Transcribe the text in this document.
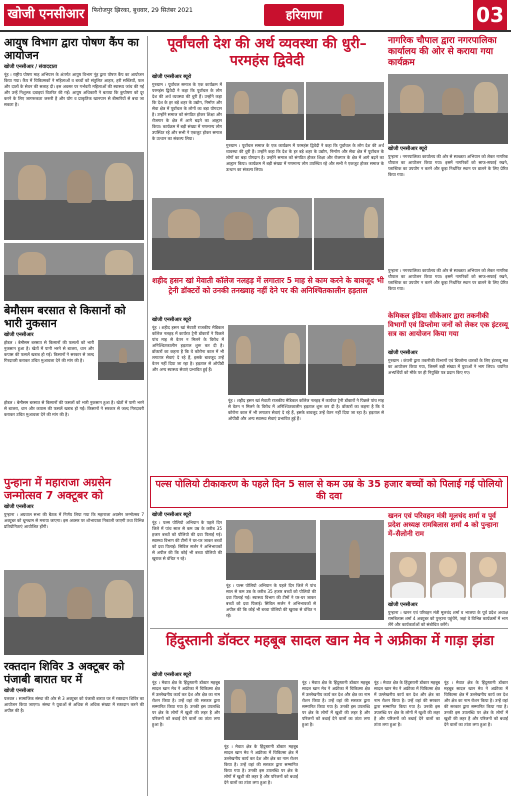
खोजी एनसीआर	फिरोजपुर झिरका, बुधवार, 29 सितंबर 2021	हरियाणा	03
आयुष विभाग द्वारा पोषण कैंप का आयोजन
खोजी एनसीआर / संवाददाता
नूंह । राष्ट्रीय पोषण माह अभियान के अंतर्गत आयुष विभाग नूंह द्वारा पोषण कैंप का आयोजन किया गया। कैंप में चिकित्सकों ने महिलाओं व बच्चों को संतुलित आहार, हरी सब्जियों, फल और दालों के सेवन की सलाह दी। इस अवसर पर गर्भवती महिलाओं की स्वास्थ्य जांच की गई और उन्हें निशुल्क दवाइयां वितरित की गईं। आयुष अधिकारी ने बताया कि कुपोषण को दूर करने के लिए जागरूकता जरूरी है और योग व प्राकृतिक खानपान से बीमारियों से बचा जा सकता है।
बेमौसम बरसात से किसानों को भारी नुकसान
खोजी एनसीआर
होडल । बेमौसम बरसात से किसानों की फसलों को भारी नुकसान हुआ है। खेतों में पानी भरने से बाजरा, धान और कपास की फसलें खराब हो गईं। किसानों ने सरकार से जल्द गिरदावरी कराकर उचित मुआवजा देने की मांग की है।
होडल । बेमौसम बरसात से किसानों की फसलों को भारी नुकसान हुआ है। खेतों में पानी भरने से बाजरा, धान और कपास की फसलें खराब हो गईं। किसानों ने सरकार से जल्द गिरदावरी कराकर उचित मुआवजा देने की मांग की है।
पुन्हाना में महाराजा अग्रसेन जन्मोत्सव 7 अक्टूबर को
खोजी एनसीआर
पुन्हाना । अग्रवाल सभा की बैठक में निर्णय लिया गया कि महाराजा अग्रसेन जन्मोत्सव 7 अक्टूबर को धूमधाम से मनाया जाएगा। इस अवसर पर शोभायात्रा निकाली जाएगी तथा विभिन्न प्रतियोगिताएं आयोजित होंगी।
रक्तदान शिविर 3 अक्टूबर को पंजाबी बारात घर में
खोजी एनसीआर
पलवल । सामाजिक संस्था की ओर से 3 अक्टूबर को पंजाबी बारात घर में रक्तदान शिविर का आयोजन किया जाएगा। संस्था ने युवाओं से अधिक से अधिक संख्या में रक्तदान करने की अपील की है।
पूर्वांचली देश की अर्थ व्यवस्था की धुरी–परमहंस द्विवेदी
खोजी एनसीआर ब्यूरो
गुरुग्राम । पूर्वांचल समाज के एक कार्यक्रम में परमहंस द्विवेदी ने कहा कि पूर्वांचल के लोग देश की अर्थ व्यवस्था की धुरी हैं। उन्होंने कहा कि देश के हर बड़े शहर के उद्योग, निर्माण और सेवा क्षेत्र में पूर्वांचल के लोगों का बड़ा योगदान है। उन्होंने समाज को संगठित होकर शिक्षा और रोजगार के क्षेत्र में आगे बढ़ने का आह्वान किया। कार्यक्रम में बड़ी संख्या में गणमान्य लोग उपस्थित रहे और सभी ने एकजुट होकर समाज के उत्थान का संकल्प लिया।
गुरुग्राम । पूर्वांचल समाज के एक कार्यक्रम में परमहंस द्विवेदी ने कहा कि पूर्वांचल के लोग देश की अर्थ व्यवस्था की धुरी हैं। उन्होंने कहा कि देश के हर बड़े शहर के उद्योग, निर्माण और सेवा क्षेत्र में पूर्वांचल के लोगों का बड़ा योगदान है। उन्होंने समाज को संगठित होकर शिक्षा और रोजगार के क्षेत्र में आगे बढ़ने का आह्वान किया। कार्यक्रम में बड़ी संख्या में गणमान्य लोग उपस्थित रहे और सभी ने एकजुट होकर समाज के उत्थान का संकल्प लिया।
नागरिक चौपाल द्वारा नगरपालिका कार्यालय की ओर से कराया गया कार्यक्रम
खोजी एनसीआर ब्यूरो
पुन्हाना । नगरपालिका कार्यालय की ओर से स्वच्छता अभियान को लेकर नागरिक चौपाल का आयोजन किया गया। इसमें नागरिकों को साफ-सफाई रखने, प्लास्टिक का उपयोग न करने और कूड़ा निर्धारित स्थान पर डालने के लिए प्रेरित किया गया।
शहीद हसन खां मेवाती कॉलेज नलहड़ में लगातार 5 माह से काम करने के बावजूद भी ट्रेनी डॉक्टरों को उनकी तनख्वाह नहीं देने पर की अनिश्चितकालीन हड़ताल
खोजी एनसीआर ब्यूरो
नूंह । शहीद हसन खां मेवाती राजकीय मेडिकल कॉलेज नलहड़ में कार्यरत ट्रेनी डॉक्टरों ने पिछले पांच माह से वेतन न मिलने के विरोध में अनिश्चितकालीन हड़ताल शुरू कर दी है। डॉक्टरों का कहना है कि वे कोरोना काल में भी लगातार सेवाएं दे रहे हैं, इसके बावजूद उन्हें वेतन नहीं दिया जा रहा है। हड़ताल से ओपीडी और अन्य स्वास्थ्य सेवाएं प्रभावित हुई हैं।
नूंह । शहीद हसन खां मेवाती राजकीय मेडिकल कॉलेज नलहड़ में कार्यरत ट्रेनी डॉक्टरों ने पिछले पांच माह से वेतन न मिलने के विरोध में अनिश्चितकालीन हड़ताल शुरू कर दी है। डॉक्टरों का कहना है कि वे कोरोना काल में भी लगातार सेवाएं दे रहे हैं, इसके बावजूद उन्हें वेतन नहीं दिया जा रहा है। हड़ताल से ओपीडी और अन्य स्वास्थ्य सेवाएं प्रभावित हुई हैं।
पुन्हाना । नगरपालिका कार्यालय की ओर से स्वच्छता अभियान को लेकर नागरिक चौपाल का आयोजन किया गया। इसमें नागरिकों को साफ-सफाई रखने, प्लास्टिक का उपयोग न करने और कूड़ा निर्धारित स्थान पर डालने के लिए प्रेरित किया गया।
केमिकल इंडिया सीकेआर द्वारा तकनीकी विभागों एवं डिप्लोमा जनों को लेकर एक इंटरव्यू सत्र का आयोजन किया गया
खोजी एनसीआर
गुरुग्राम । कंपनी द्वारा तकनीकी विभागों एवं डिप्लोमा धारकों के लिए इंटरव्यू सत्र का आयोजन किया गया, जिसमें बड़ी संख्या में युवाओं ने भाग लिया। चयनित अभ्यर्थियों को मौके पर ही नियुक्ति पत्र प्रदान किए गए।
पल्स पोलियो टीकाकरण के पहले दिन 5 साल से कम उम्र के 35 हजार बच्चों को पिलाई गई पोलियो की दवा
खोजी एनसीआर ब्यूरो
नूंह । पल्स पोलियो अभियान के पहले दिन जिले में पांच साल से कम उम्र के करीब 35 हजार बच्चों को पोलियो की दवा पिलाई गई। स्वास्थ्य विभाग की टीमों ने घर-घर जाकर बच्चों को दवा पिलाई। सिविल सर्जन ने अभिभावकों से अपील की कि कोई भी बच्चा पोलियो की खुराक से वंचित न रहे।
नूंह । पल्स पोलियो अभियान के पहले दिन जिले में पांच साल से कम उम्र के करीब 35 हजार बच्चों को पोलियो की दवा पिलाई गई। स्वास्थ्य विभाग की टीमों ने घर-घर जाकर बच्चों को दवा पिलाई। सिविल सर्जन ने अभिभावकों से अपील की कि कोई भी बच्चा पोलियो की खुराक से वंचित न रहे।
खनन एवं परिवहन मंत्री मूलचंद शर्मा व पूर्व प्रदेश अध्यक्ष रामबिलास शर्मा 4 को पुन्हाना में–सैलोनी राम
खोजी एनसीआर
पुन्हाना । खनन एवं परिवहन मंत्री मूलचंद शर्मा व भाजपा के पूर्व प्रदेश अध्यक्ष रामबिलास शर्मा 4 अक्टूबर को पुन्हाना पहुंचेंगे, जहां वे विभिन्न कार्यक्रमों में भाग लेंगे और कार्यकर्ताओं को संबोधित करेंगे।
हिंदुस्तानी डॉक्टर महबूब सादल खान मेव ने अफ्रीका में गाड़ा झंडा
खोजी एनसीआर ब्यूरो
नूंह । मेवात क्षेत्र के हिंदुस्तानी डॉक्टर महबूब सादल खान मेव ने अफ्रीका में चिकित्सा क्षेत्र में उल्लेखनीय कार्य कर देश और क्षेत्र का नाम रोशन किया है। उन्हें वहां की सरकार द्वारा सम्मानित किया गया है। उनकी इस उपलब्धि पर क्षेत्र के लोगों में खुशी की लहर है और परिजनों को बधाई देने वालों का तांता लगा हुआ है।
नूंह । मेवात क्षेत्र के हिंदुस्तानी डॉक्टर महबूब सादल खान मेव ने अफ्रीका में चिकित्सा क्षेत्र में उल्लेखनीय कार्य कर देश और क्षेत्र का नाम रोशन किया है। उन्हें वहां की सरकार द्वारा सम्मानित किया गया है। उनकी इस उपलब्धि पर क्षेत्र के लोगों में खुशी की लहर है और परिजनों को बधाई देने वालों का तांता लगा हुआ है।
नूंह । मेवात क्षेत्र के हिंदुस्तानी डॉक्टर महबूब सादल खान मेव ने अफ्रीका में चिकित्सा क्षेत्र में उल्लेखनीय कार्य कर देश और क्षेत्र का नाम रोशन किया है। उन्हें वहां की सरकार द्वारा सम्मानित किया गया है। उनकी इस उपलब्धि पर क्षेत्र के लोगों में खुशी की लहर है और परिजनों को बधाई देने वालों का तांता लगा हुआ है।
नूंह । मेवात क्षेत्र के हिंदुस्तानी डॉक्टर महबूब सादल खान मेव ने अफ्रीका में चिकित्सा क्षेत्र में उल्लेखनीय कार्य कर देश और क्षेत्र का नाम रोशन किया है। उन्हें वहां की सरकार द्वारा सम्मानित किया गया है। उनकी इस उपलब्धि पर क्षेत्र के लोगों में खुशी की लहर है और परिजनों को बधाई देने वालों का तांता लगा हुआ है।
नूंह । मेवात क्षेत्र के हिंदुस्तानी डॉक्टर महबूब सादल खान मेव ने अफ्रीका में चिकित्सा क्षेत्र में उल्लेखनीय कार्य कर देश और क्षेत्र का नाम रोशन किया है। उन्हें वहां की सरकार द्वारा सम्मानित किया गया है। उनकी इस उपलब्धि पर क्षेत्र के लोगों में खुशी की लहर है और परिजनों को बधाई देने वालों का तांता लगा हुआ है।
